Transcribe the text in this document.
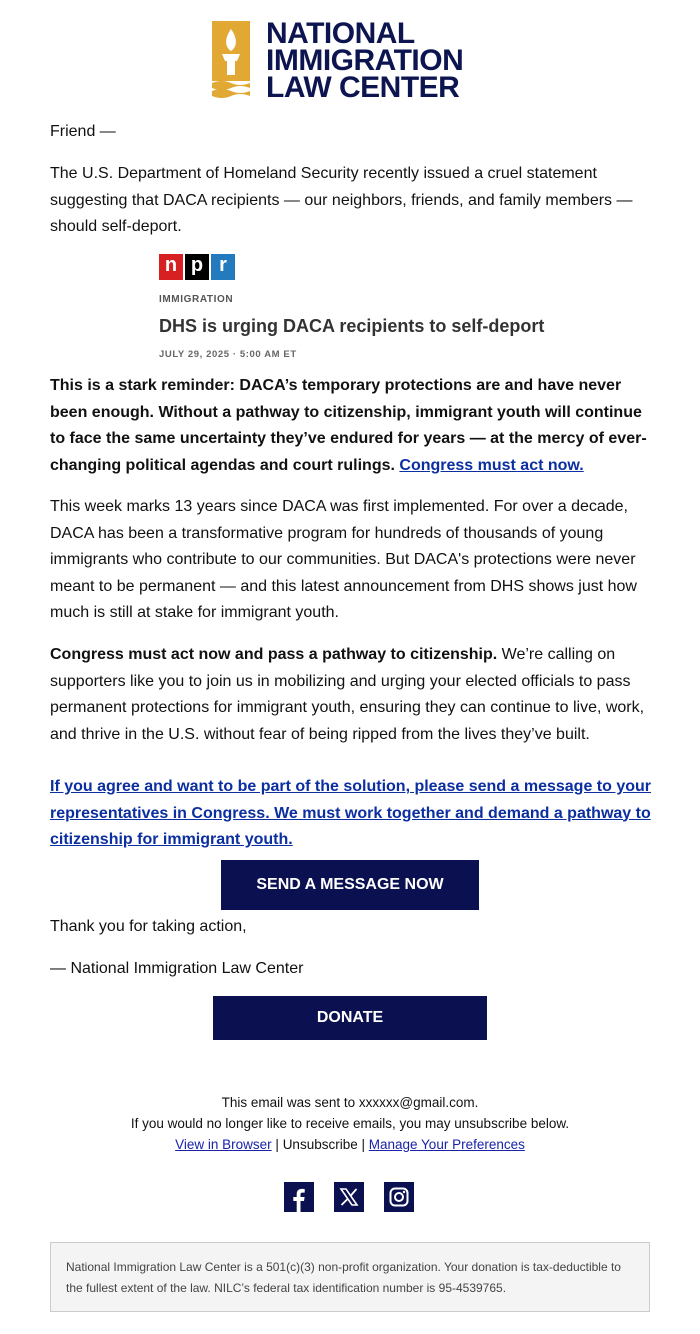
NATIONAL
IMMIGRATION
LAW CENTER
Friend —
The U.S. Department of Homeland Security recently issued a cruel statement suggesting that DACA recipients — our neighbors, friends, and family members — should self-deport.
n p r
IMMIGRATION
DHS is urging DACA recipients to self-deport
JULY 29, 2025 · 5:00 AM ET
This is a stark reminder: DACA’s temporary protections are and have never been enough. Without a pathway to citizenship, immigrant youth will continue to face the same uncertainty they’ve endured for years — at the mercy of ever-changing political agendas and court rulings. Congress must act now.
This week marks 13 years since DACA was first implemented. For over a decade, DACA has been a transformative program for hundreds of thousands of young immigrants who contribute to our communities. But DACA's protections were never meant to be permanent — and this latest announcement from DHS shows just how much is still at stake for immigrant youth.
Congress must act now and pass a pathway to citizenship. We’re calling on supporters like you to join us in mobilizing and urging your elected officials to pass permanent protections for immigrant youth, ensuring they can continue to live, work, and thrive in the U.S. without fear of being ripped from the lives they’ve built.
If you agree and want to be part of the solution, please send a message to your representatives in Congress. We must work together and demand a pathway to citizenship for immigrant youth.
SEND A MESSAGE NOW
Thank you for taking action,
— National Immigration Law Center
DONATE
This email was sent to xxxxxx@gmail.com.
If you would no longer like to receive emails, you may unsubscribe below.
View in Browser | Unsubscribe | Manage Your Preferences
National Immigration Law Center is a 501(c)(3) non-profit organization. Your donation is tax-deductible to the fullest extent of the law. NILC’s federal tax identification number is 95-4539765.
